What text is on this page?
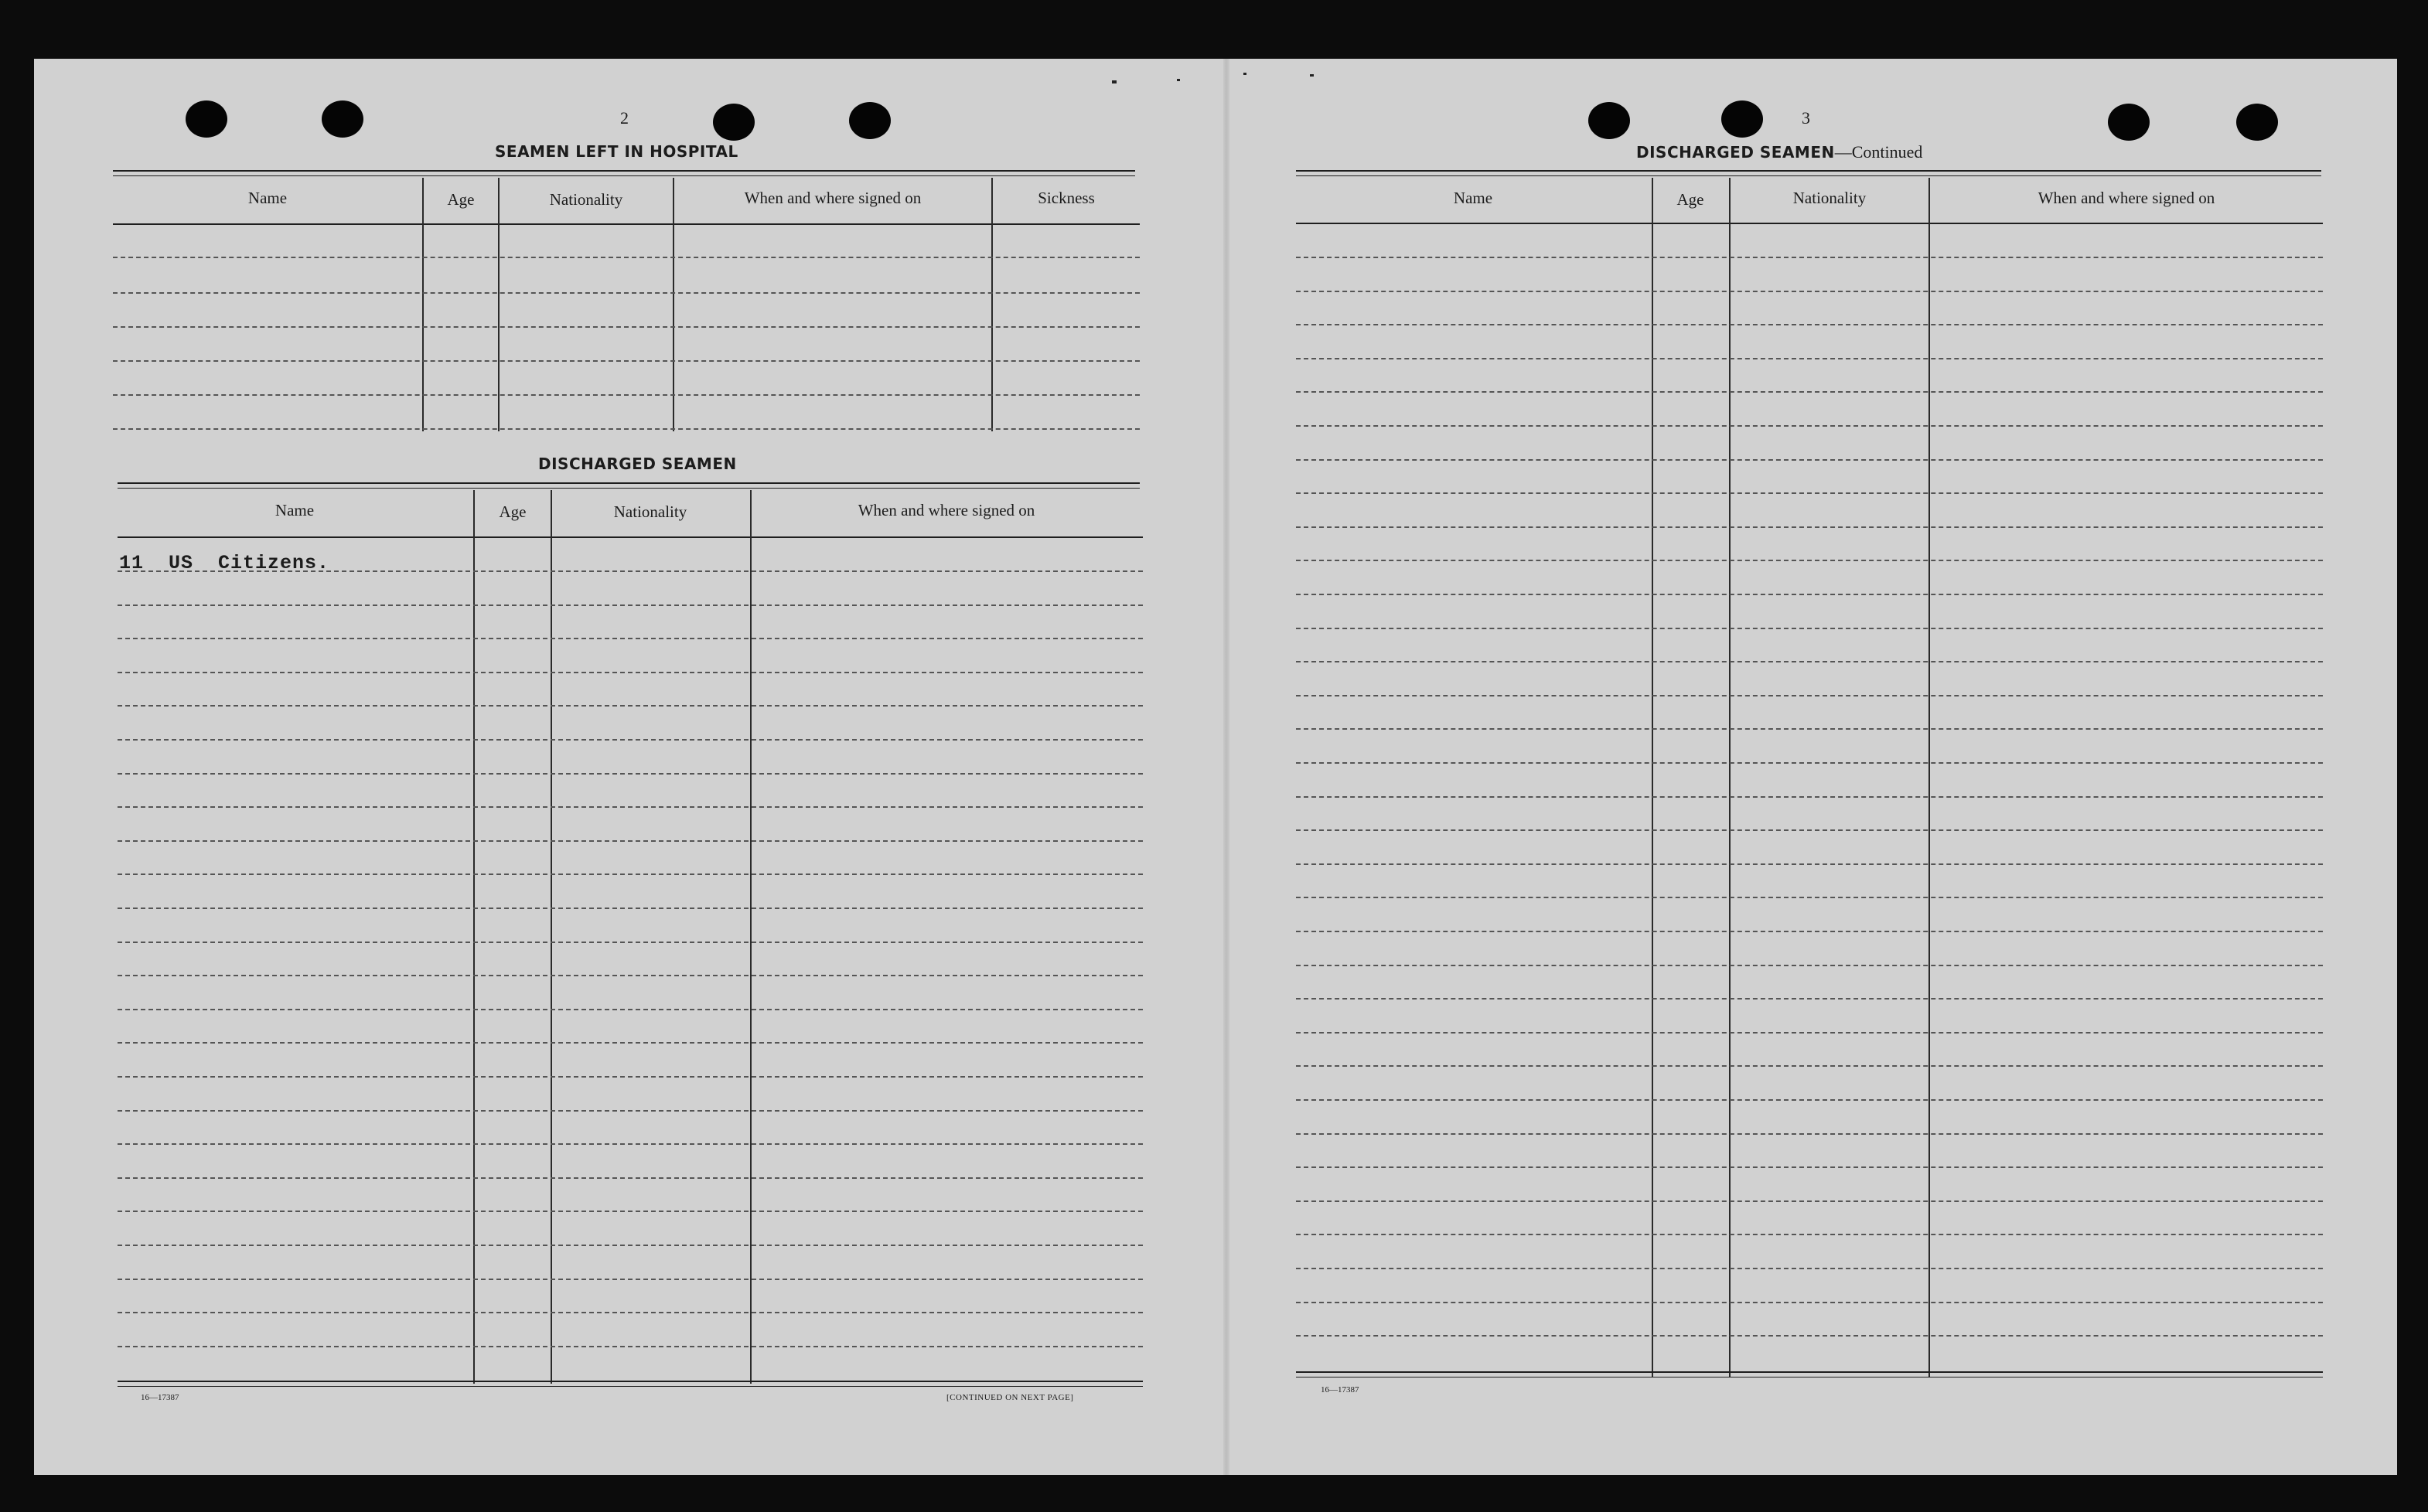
2
SEAMEN LEFT IN HOSPITAL
Name	Age	Nationality	When and where signed on	Sickness
DISCHARGED SEAMEN
Name	Age	Nationality	When and where signed on
11  US  Citizens.
16—17387	[CONTINUED ON NEXT PAGE]
3
DISCHARGED SEAMEN—Continued
Name	Age	Nationality	When and where signed on
16—17387
